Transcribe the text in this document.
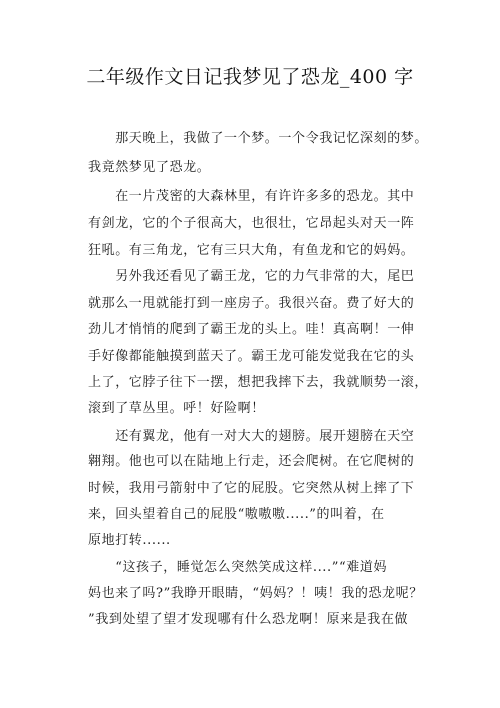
二年级作文日记我梦见了恐龙_400 字
　　那天晚上，我做了一个梦。一个令我记忆深刻的梦。
我竟然梦见了恐龙。
　　在一片茂密的大森林里，有许许多多的恐龙。其中
有剑龙，它的个子很高大，也很壮，它昂起头对天一阵
狂吼。有三角龙，它有三只大角，有鱼龙和它的妈妈。
　　另外我还看见了霸王龙，它的力气非常的大，尾巴
就那么一甩就能打到一座房子。我很兴奋。费了好大的
劲儿才悄悄的爬到了霸王龙的头上。哇！真高啊！一伸
手好像都能触摸到蓝天了。霸王龙可能发觉我在它的头
上了，它脖子往下一摆，想把我摔下去，我就顺势一滚，
滚到了草丛里。呼！好险啊！
　　还有翼龙，他有一对大大的翅膀。展开翅膀在天空
翱翔。他也可以在陆地上行走，还会爬树。在它爬树的
时候，我用弓箭射中了它的屁股。它突然从树上摔了下
来，回头望着自己的屁股“嗷嗷嗷.....”的叫着，在
原地打转......
　　“这孩子，睡觉怎么突然笑成这样....”“难道妈
妈也来了吗?”我睁开眼睛，“妈妈？！咦！我的恐龙呢？
”我到处望了望才发现哪有什么恐龙啊！原来是我在做
